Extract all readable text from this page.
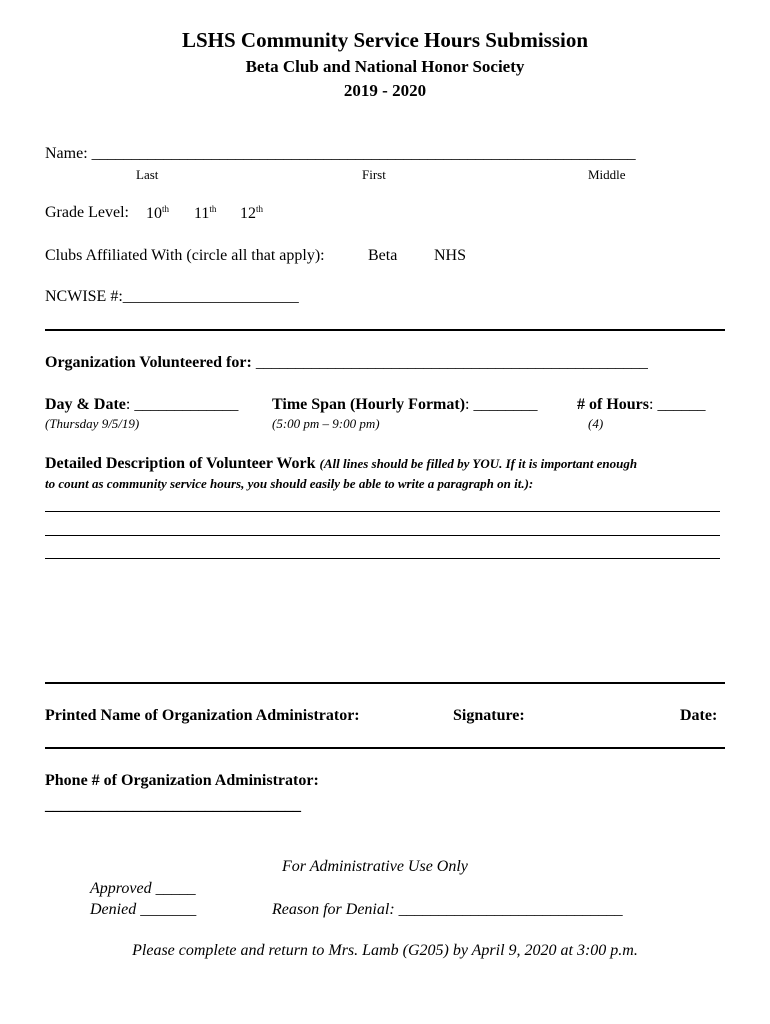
LSHS Community Service Hours Submission
Beta Club and National Honor Society
2019 - 2020
Name: ____________________________________________________________________
Last	First	Middle
Grade Level: 10th 11th 12th
Clubs Affiliated With (circle all that apply):	Beta NHS
NCWISE #:______________________
Organization Volunteered for: _________________________________________________
Day & Date: _____________
(Thursday 9/5/19)
Time Span (Hourly Format): ________
(5:00 pm – 9:00 pm)
# of Hours: ______
(4)
Detailed Description of Volunteer Work (All lines should be filled by YOU. If it is important enough
to count as community service hours, you should easily be able to write a paragraph on it.):
Printed Name of Organization Administrator:	Signature:	Date:
Phone # of Organization Administrator:
________________________________
For Administrative Use Only
Approved _____
Denied _______	Reason for Denial: ____________________________
Please complete and return to Mrs. Lamb (G205) by April 9, 2020 at 3:00 p.m.
